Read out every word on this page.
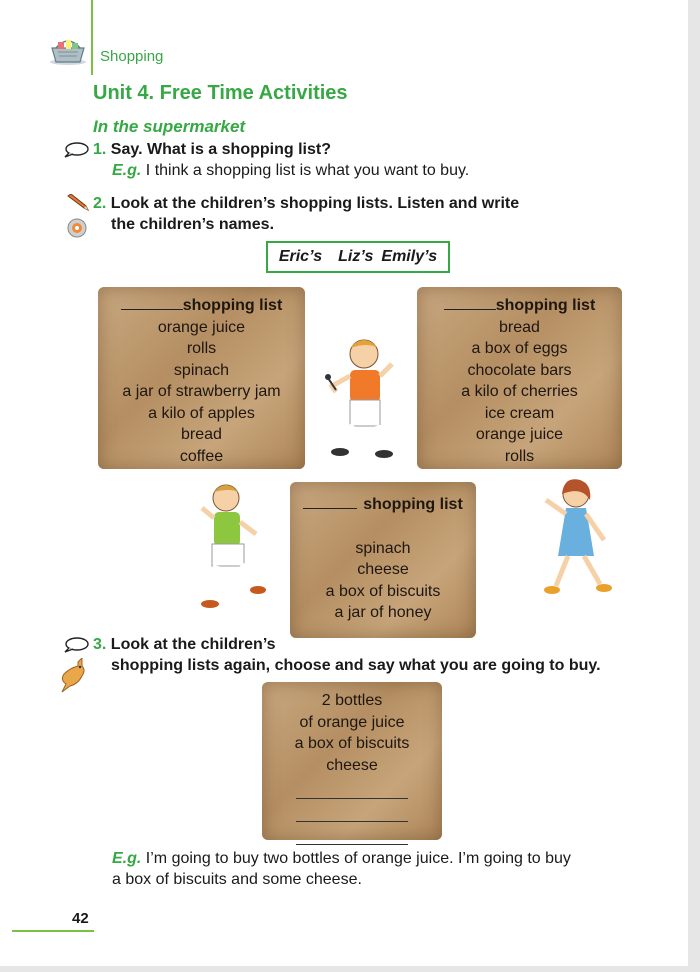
Shopping
Unit 4. Free Time Activities
In the supermarket
1. Say. What is a shopping list?
E.g. I think a shopping list is what you want to buy.
2. Look at the children’s shopping lists. Listen and write
the children’s names.
Eric’s Liz’s Emily’s
shopping list
orange juice
rolls
spinach
a jar of strawberry jam
a kilo of apples
bread
coffee
shopping list
bread
a box of eggs
chocolate bars
a kilo of cherries
ice cream
orange juice
rolls
shopping list
spinach
cheese
a box of biscuits
a jar of honey
3. Look at the children’s
shopping lists again, choose and say what you are going to buy.
2 bottles
of orange juice
a box of biscuits
cheese
E.g. I’m going to buy two bottles of orange juice. I’m going to buy
a box of biscuits and some cheese.
42
